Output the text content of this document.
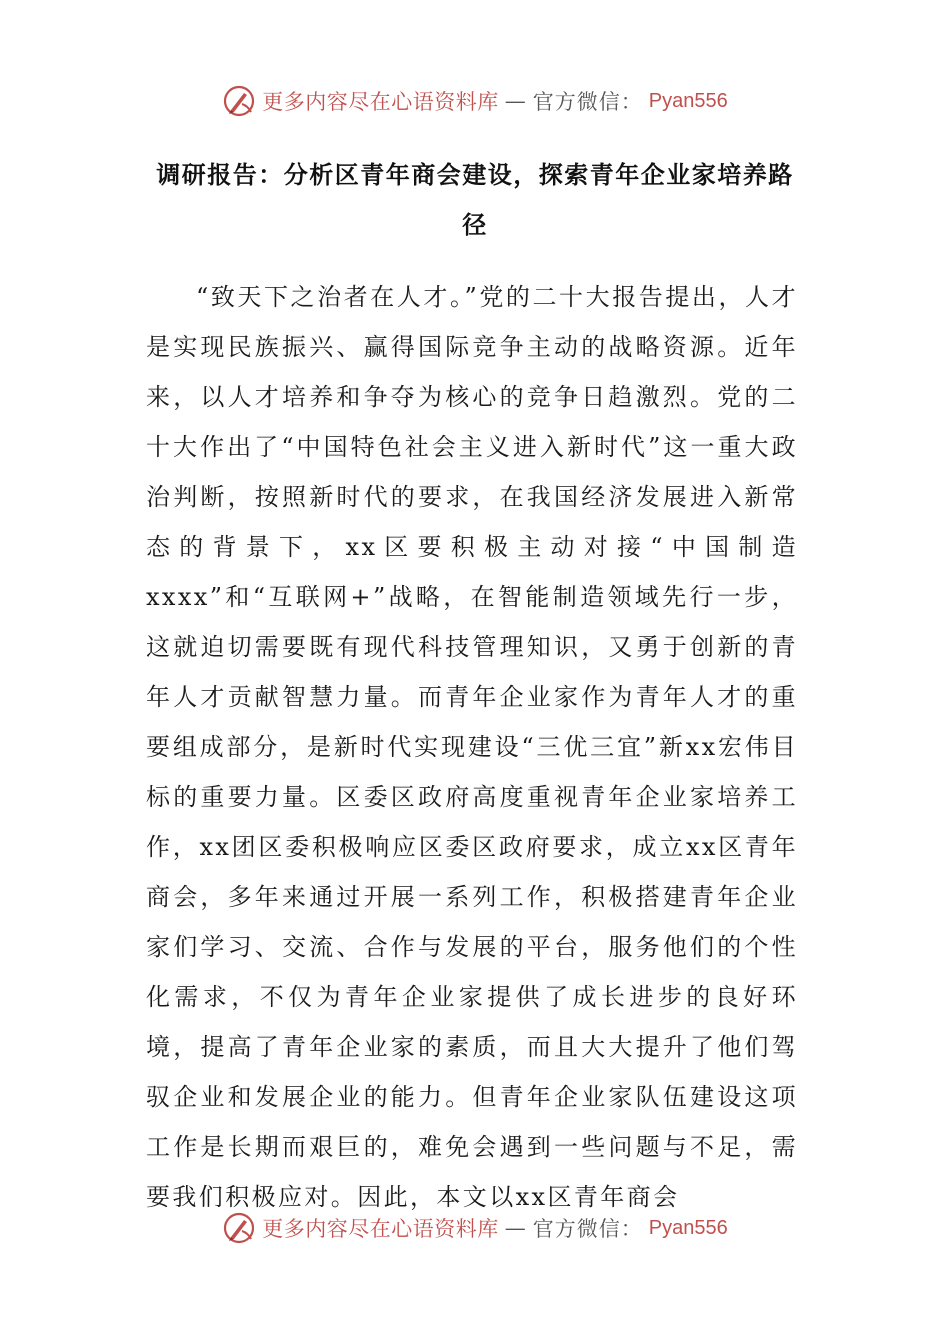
更多内容尽在心语资料库 — 官方微信： Pyan556
调研报告：分析区青年商会建设，探索青年企业家培养路径
“致天下之治者在人才。”党的二十大报告提出，人才是实现民族振兴、赢得国际竞争主动的战略资源。近年来，以人才培养和争夺为核心的竞争日趋激烈。党的二十大作出了“中国特色社会主义进入新时代”这一重大政治判断，按照新时代的要求，在我国经济发展进入新常态的背景下，xx区要积极主动对接“中国制造xxxx”和“互联网+”战略，在智能制造领域先行一步，这就迫切需要既有现代科技管理知识，又勇于创新的青年人才贡献智慧力量。而青年企业家作为青年人才的重要组成部分，是新时代实现建设“三优三宜”新xx宏伟目标的重要力量。区委区政府高度重视青年企业家培养工作，xx团区委积极响应区委区政府要求，成立xx区青年商会，多年来通过开展一系列工作，积极搭建青年企业家们学习、交流、合作与发展的平台，服务他们的个性化需求，不仅为青年企业家提供了成长进步的良好环境，提高了青年企业家的素质，而且大大提升了他们驾驭企业和发展企业的能力。但青年企业家队伍建设这项工作是长期而艰巨的，难免会遇到一些问题与不足，需要我们积极应对。因此，本文以xx区青年商会
更多内容尽在心语资料库 — 官方微信： Pyan556
